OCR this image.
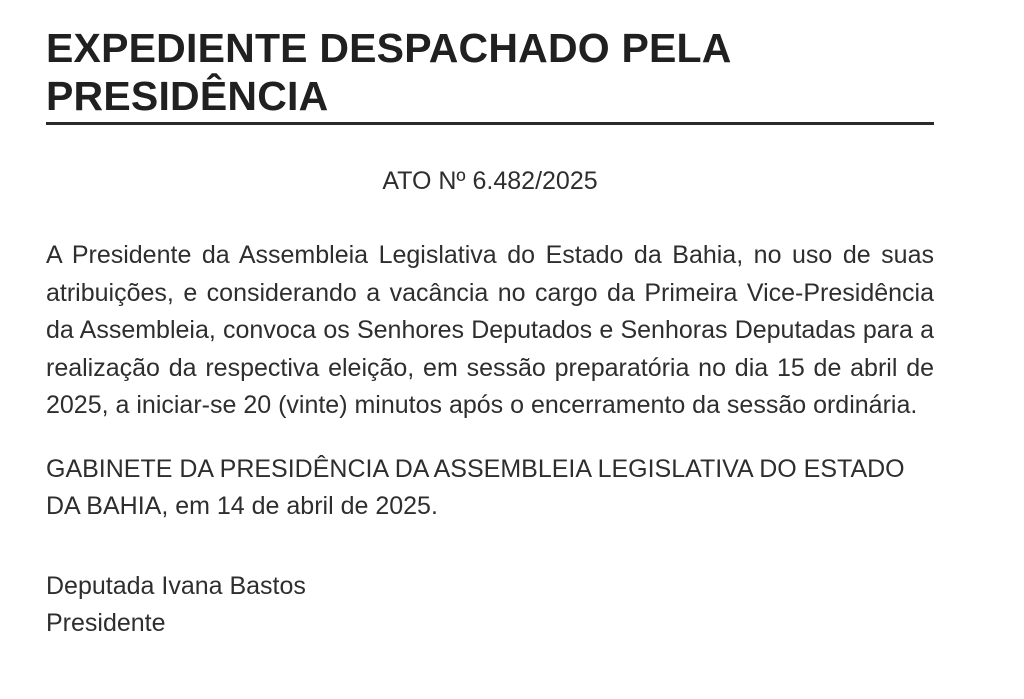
EXPEDIENTE DESPACHADO PELA PRESIDÊNCIA
ATO Nº 6.482/2025

A Presidente da Assembleia Legislativa do Estado da Bahia, no uso de suas atribuições, e considerando a vacância no cargo da Primeira Vice-Presidência da Assembleia, convoca os Senhores Deputados e Senhoras Deputadas para a realização da respectiva eleição, em sessão preparatória no dia 15 de abril de 2025, a iniciar-se 20 (vinte) minutos após o encerramento da sessão ordinária.

GABINETE DA PRESIDÊNCIA DA ASSEMBLEIA LEGISLATIVA DO ESTADO DA BAHIA, em 14 de abril de 2025.

Deputada Ivana Bastos
Presidente
